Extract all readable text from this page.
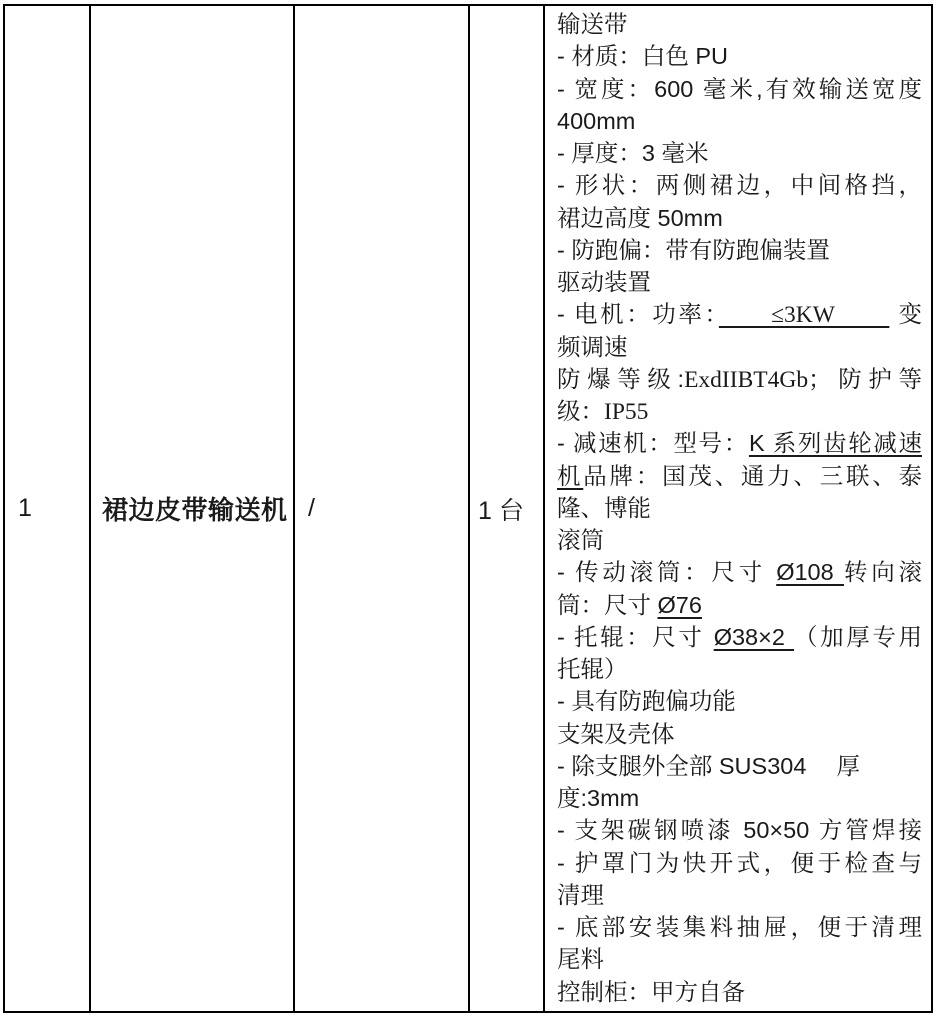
1	裙边皮带输送机 /	1 台
输送带
- 材质：白色 PU
- 宽度：600 毫米,有效输送宽度
400mm
- 厚度：3 毫米
- 形状：两侧裙边，中间格挡，
裙边高度 50mm
- 防跑偏：带有防跑偏装置
驱动装置
- 电机：功率：　　≤3KW　　 变
频调速
防爆等级:ExdIIBT4Gb；防护等
级：IP55
- 减速机：型号：K 系列齿轮减速
机品牌：国茂、通力、三联、泰
隆、博能
滚筒
- 传动滚筒：尺寸 Ø108 转向滚
筒：尺寸 Ø76
- 托辊：尺寸 Ø38×2 （加厚专用
托辊）
- 具有防跑偏功能
支架及壳体
- 除支腿外全部 SUS304　 厚
度:3mm
- 支架碳钢喷漆 50×50 方管焊接
- 护罩门为快开式，便于检查与
清理
- 底部安装集料抽屉，便于清理
尾料
控制柜：甲方自备
